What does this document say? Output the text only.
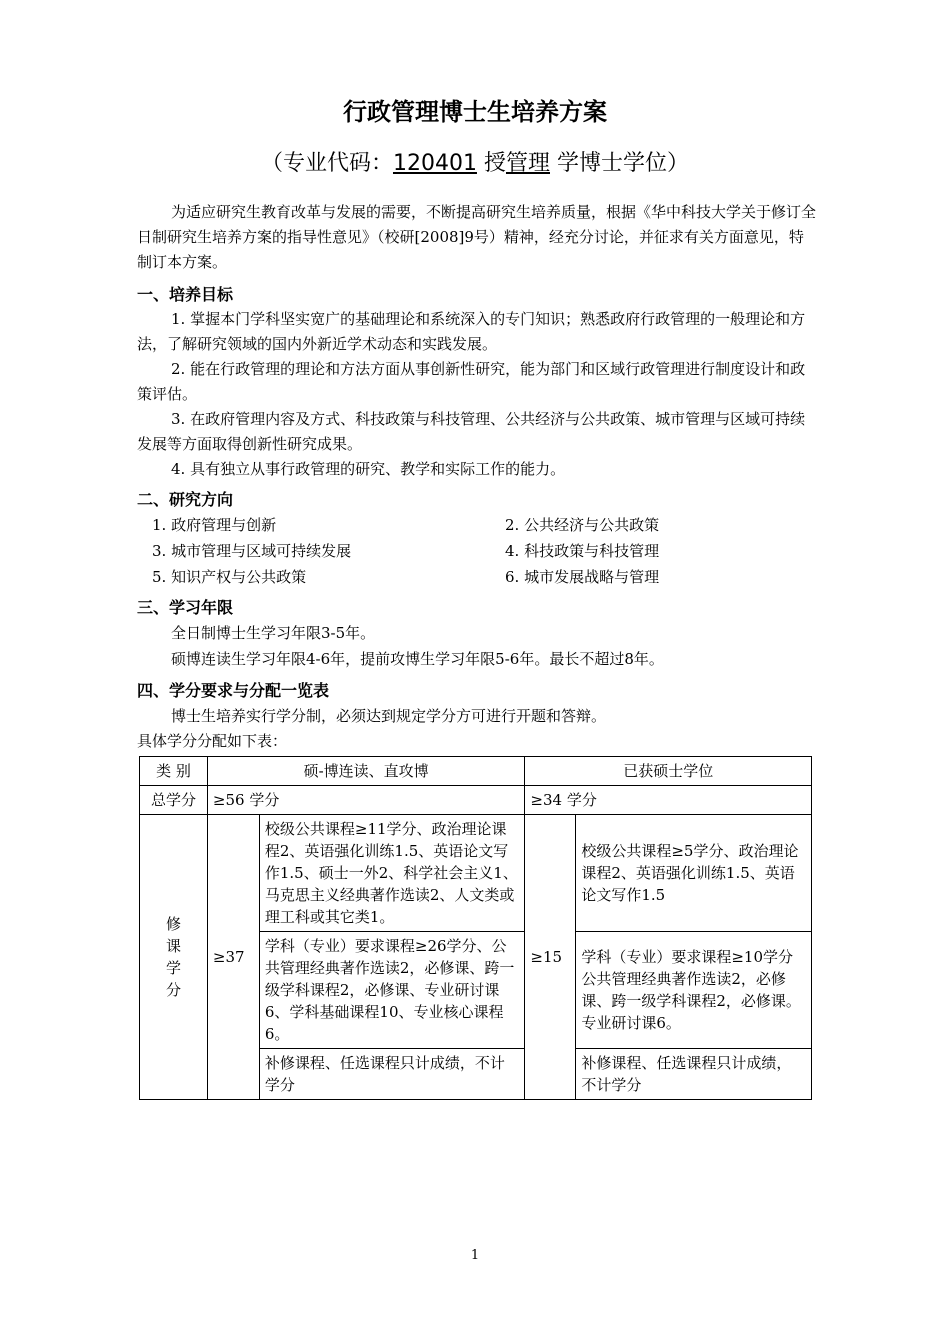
行政管理博士生培养方案
（专业代码：120401 授管理 学博士学位）

为适应研究生教育改革与发展的需要，不断提高研究生培养质量，根据《华中科技大学关于修订全日制研究生培养方案的指导性意见》（校研[2008]9号）精神，经充分讨论，并征求有关方面意见，特制订本方案。

一、培养目标

1. 掌握本门学科坚实宽广的基础理论和系统深入的专门知识；熟悉政府行政管理的一般理论和方法，了解研究领域的国内外新近学术动态和实践发展。

2. 能在行政管理的理论和方法方面从事创新性研究，能为部门和区域行政管理进行制度设计和政策评估。

3. 在政府管理内容及方式、科技政策与科技管理、公共经济与公共政策、城市管理与区域可持续发展等方面取得创新性研究成果。

4. 具有独立从事行政管理的研究、教学和实际工作的能力。

二、研究方向
1. 政府管理与创新	2. 公共经济与公共政策
3. 城市管理与区域可持续发展	4. 科技政策与科技管理
5. 知识产权与公共政策	6. 城市发展战略与管理
三、学习年限

全日制博士生学习年限3-5年。

硕博连读生学习年限4-6年，提前攻博生学习年限5-6年。最长不超过8年。

四、学分要求与分配一览表

博士生培养实行学分制，必须达到规定学分方可进行开题和答辩。

具体学分分配如下表：

类 别	硕-博连读、直攻博		已获硕士学位	
总学分	≥56 学分		≥34 学分	

修课学分	≥37	校级公共课程≥11学分、政治理论课程2、英语强化训练1.5、英语论文写作1.5、硕士一外2、科学社会主义1、马克思主义经典著作选读2、人文类或理工科或其它类1。	≥15	校级公共课程≥5学分、政治理论课程2、英语强化训练1.5、英语论文写作1.5
		学科（专业）要求课程≥26学分、公共管理经典著作选读2，必修课、跨一级学科课程2，必修课、专业研讨课6、学科基础课程10、专业核心课程6。		学科（专业）要求课程≥10学分公共管理经典著作选读2，必修课、跨一级学科课程2，必修课。专业研讨课6。
		补修课程、任选课程只计成绩，不计学分		补修课程、任选课程只计成绩，不计学分
1
